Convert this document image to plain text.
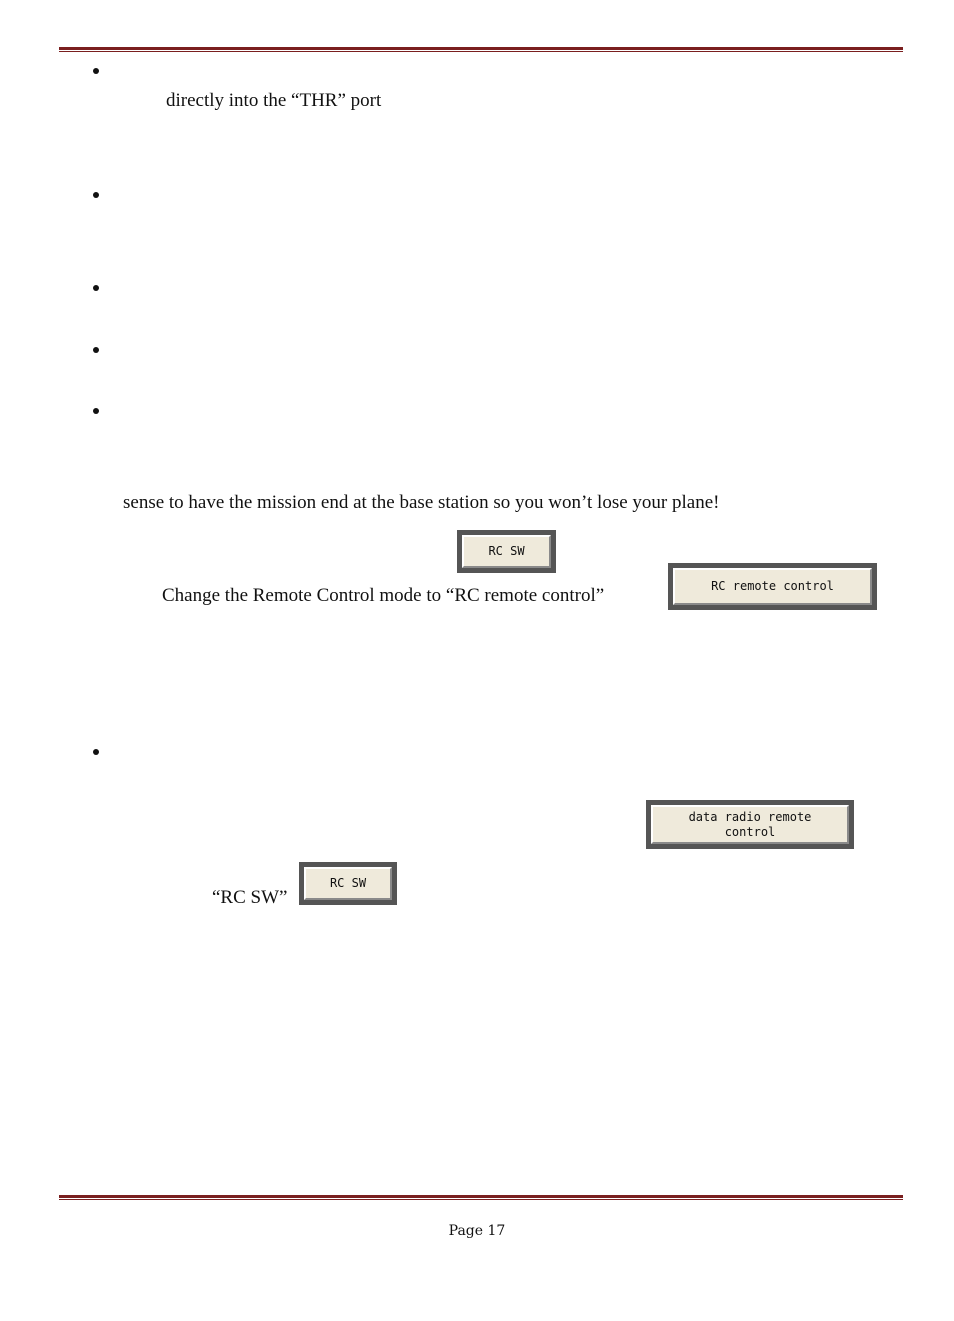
directly into the “THR” port
sense to have the mission end at the base station so you won’t lose your plane!
RC SW
Change the Remote Control mode to “RC remote control”	RC remote control
data radio remote
control
“RC SW”
RC SW
Page 17
